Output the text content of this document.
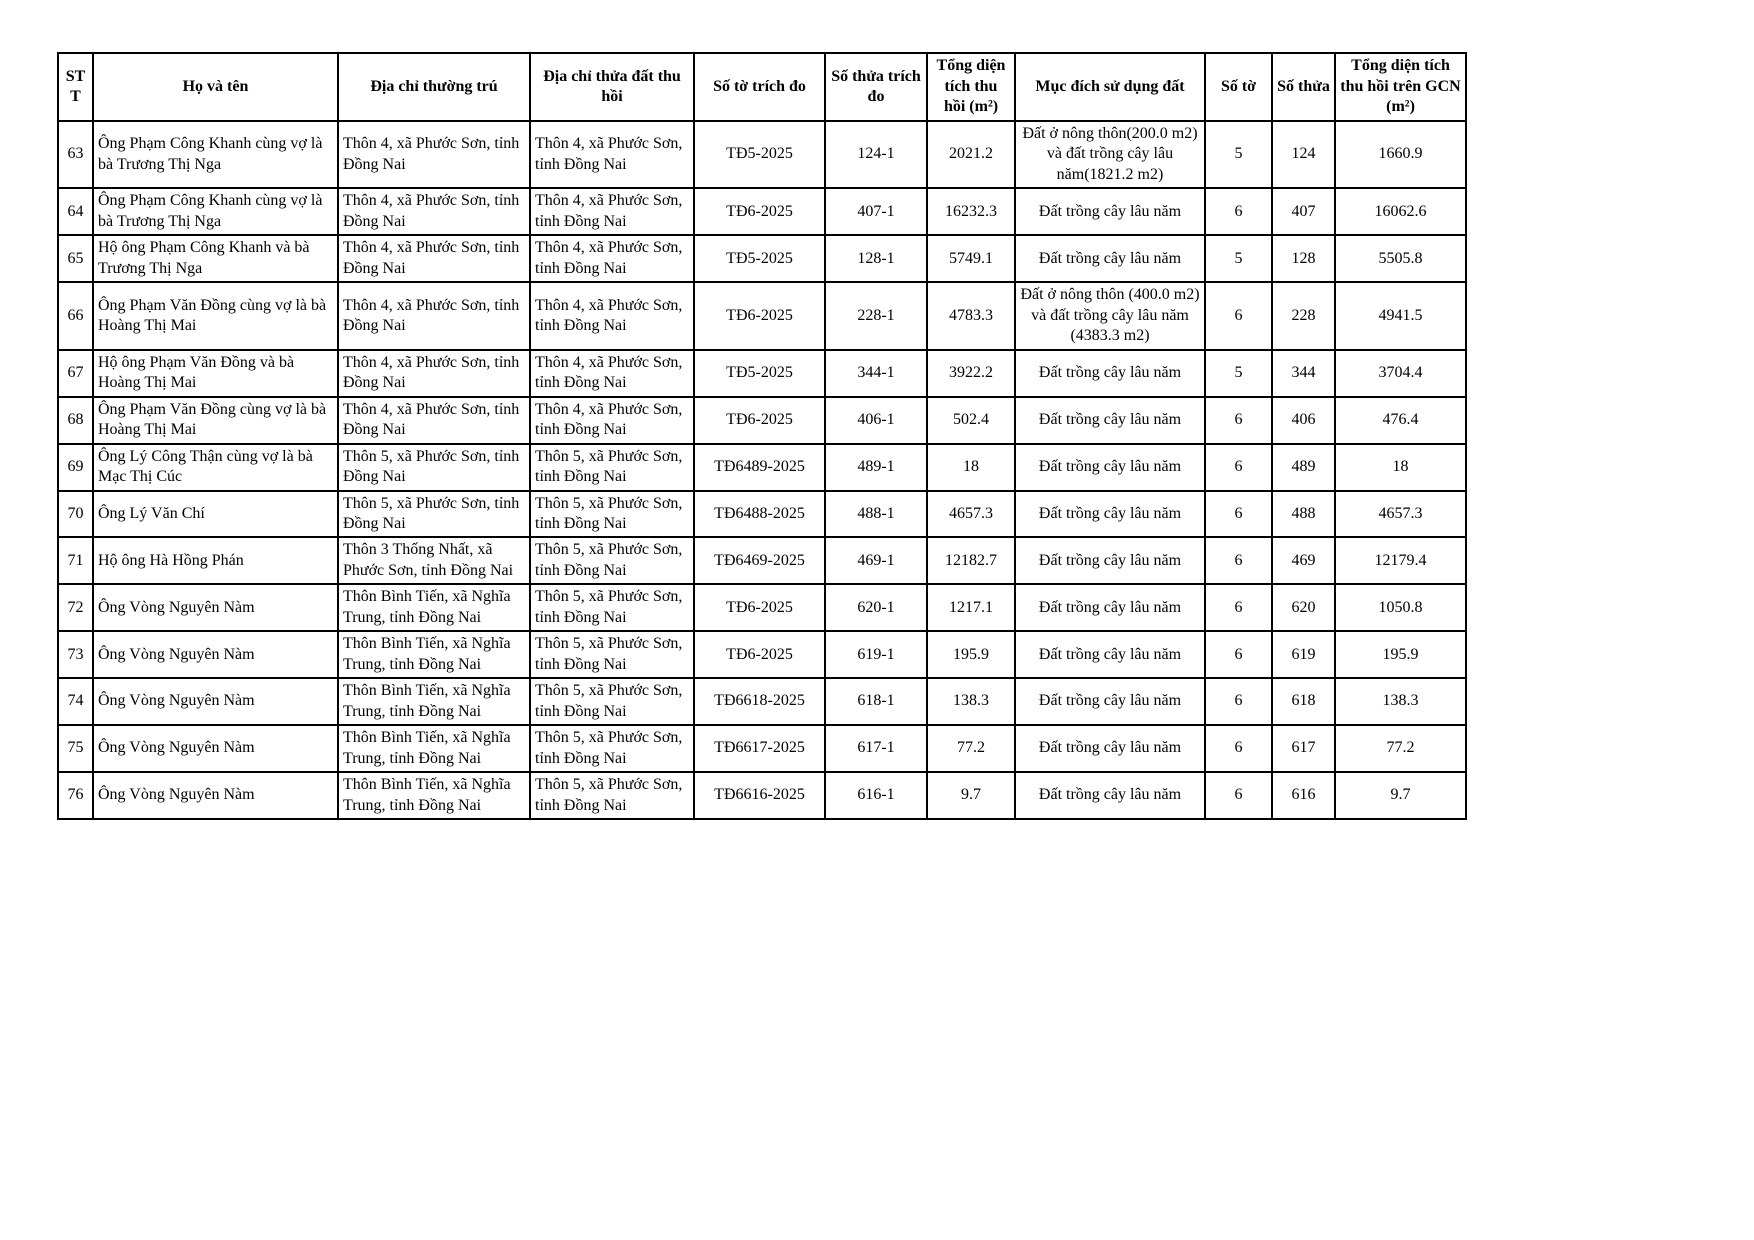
STT	Họ và tên	Địa chỉ thường trú	Địa chỉ thửa đất thu hồi	Số tờ trích đo	Số thửa trích đo	Tổng diện tích thu hồi (m²)	Mục đích sử dụng đất	Số tờ	Số thửa	Tổng diện tích thu hồi trên GCN (m²)
63	Ông Phạm Công Khanh cùng vợ là bà Trương Thị Nga	Thôn 4, xã Phước Sơn, tỉnh Đồng Nai	Thôn 4, xã Phước Sơn, tỉnh Đồng Nai	TĐ5-2025	124-1	2021.2	Đất ở nông thôn(200.0 m2) và đất trồng cây lâu năm(1821.2 m2)	5	124	1660.9
64	Ông Phạm Công Khanh cùng vợ là bà Trương Thị Nga	Thôn 4, xã Phước Sơn, tỉnh Đồng Nai	Thôn 4, xã Phước Sơn, tỉnh Đồng Nai	TĐ6-2025	407-1	16232.3	Đất trồng cây lâu năm	6	407	16062.6
65	Hộ ông Phạm Công Khanh và bà Trương Thị Nga	Thôn 4, xã Phước Sơn, tỉnh Đồng Nai	Thôn 4, xã Phước Sơn, tỉnh Đồng Nai	TĐ5-2025	128-1	5749.1	Đất trồng cây lâu năm	5	128	5505.8
66	Ông Phạm Văn Đồng cùng vợ là bà Hoàng Thị Mai	Thôn 4, xã Phước Sơn, tỉnh Đồng Nai	Thôn 4, xã Phước Sơn, tỉnh Đồng Nai	TĐ6-2025	228-1	4783.3	Đất ở nông thôn (400.0 m2) và đất trồng cây lâu năm (4383.3 m2)	6	228	4941.5
67	Hộ ông Phạm Văn Đồng và bà Hoàng Thị Mai	Thôn 4, xã Phước Sơn, tỉnh Đồng Nai	Thôn 4, xã Phước Sơn, tỉnh Đồng Nai	TĐ5-2025	344-1	3922.2	Đất trồng cây lâu năm	5	344	3704.4
68	Ông Phạm Văn Đồng cùng vợ là bà Hoàng Thị Mai	Thôn 4, xã Phước Sơn, tỉnh Đồng Nai	Thôn 4, xã Phước Sơn, tỉnh Đồng Nai	TĐ6-2025	406-1	502.4	Đất trồng cây lâu năm	6	406	476.4
69	Ông Lý Công Thận cùng vợ là bà Mạc Thị Cúc	Thôn 5, xã Phước Sơn, tỉnh Đồng Nai	Thôn 5, xã Phước Sơn, tỉnh Đồng Nai	TĐ6489-2025	489-1	18	Đất trồng cây lâu năm	6	489	18
70	Ông Lý Văn Chí	Thôn 5, xã Phước Sơn, tỉnh Đồng Nai	Thôn 5, xã Phước Sơn, tỉnh Đồng Nai	TĐ6488-2025	488-1	4657.3	Đất trồng cây lâu năm	6	488	4657.3
71	Hộ ông Hà Hồng Phán	Thôn 3 Thống Nhất, xã Phước Sơn, tỉnh Đồng Nai	Thôn 5, xã Phước Sơn, tỉnh Đồng Nai	TĐ6469-2025	469-1	12182.7	Đất trồng cây lâu năm	6	469	12179.4
72	Ông Vòng Nguyên Nàm	Thôn Bình Tiến, xã Nghĩa Trung, tỉnh Đồng Nai	Thôn 5, xã Phước Sơn, tỉnh Đồng Nai	TĐ6-2025	620-1	1217.1	Đất trồng cây lâu năm	6	620	1050.8
73	Ông Vòng Nguyên Nàm	Thôn Bình Tiến, xã Nghĩa Trung, tỉnh Đồng Nai	Thôn 5, xã Phước Sơn, tỉnh Đồng Nai	TĐ6-2025	619-1	195.9	Đất trồng cây lâu năm	6	619	195.9
74	Ông Vòng Nguyên Nàm	Thôn Bình Tiến, xã Nghĩa Trung, tỉnh Đồng Nai	Thôn 5, xã Phước Sơn, tỉnh Đồng Nai	TĐ6618-2025	618-1	138.3	Đất trồng cây lâu năm	6	618	138.3
75	Ông Vòng Nguyên Nàm	Thôn Bình Tiến, xã Nghĩa Trung, tỉnh Đồng Nai	Thôn 5, xã Phước Sơn, tỉnh Đồng Nai	TĐ6617-2025	617-1	77.2	Đất trồng cây lâu năm	6	617	77.2
76	Ông Vòng Nguyên Nàm	Thôn Bình Tiến, xã Nghĩa Trung, tỉnh Đồng Nai	Thôn 5, xã Phước Sơn, tỉnh Đồng Nai	TĐ6616-2025	616-1	9.7	Đất trồng cây lâu năm	6	616	9.7
